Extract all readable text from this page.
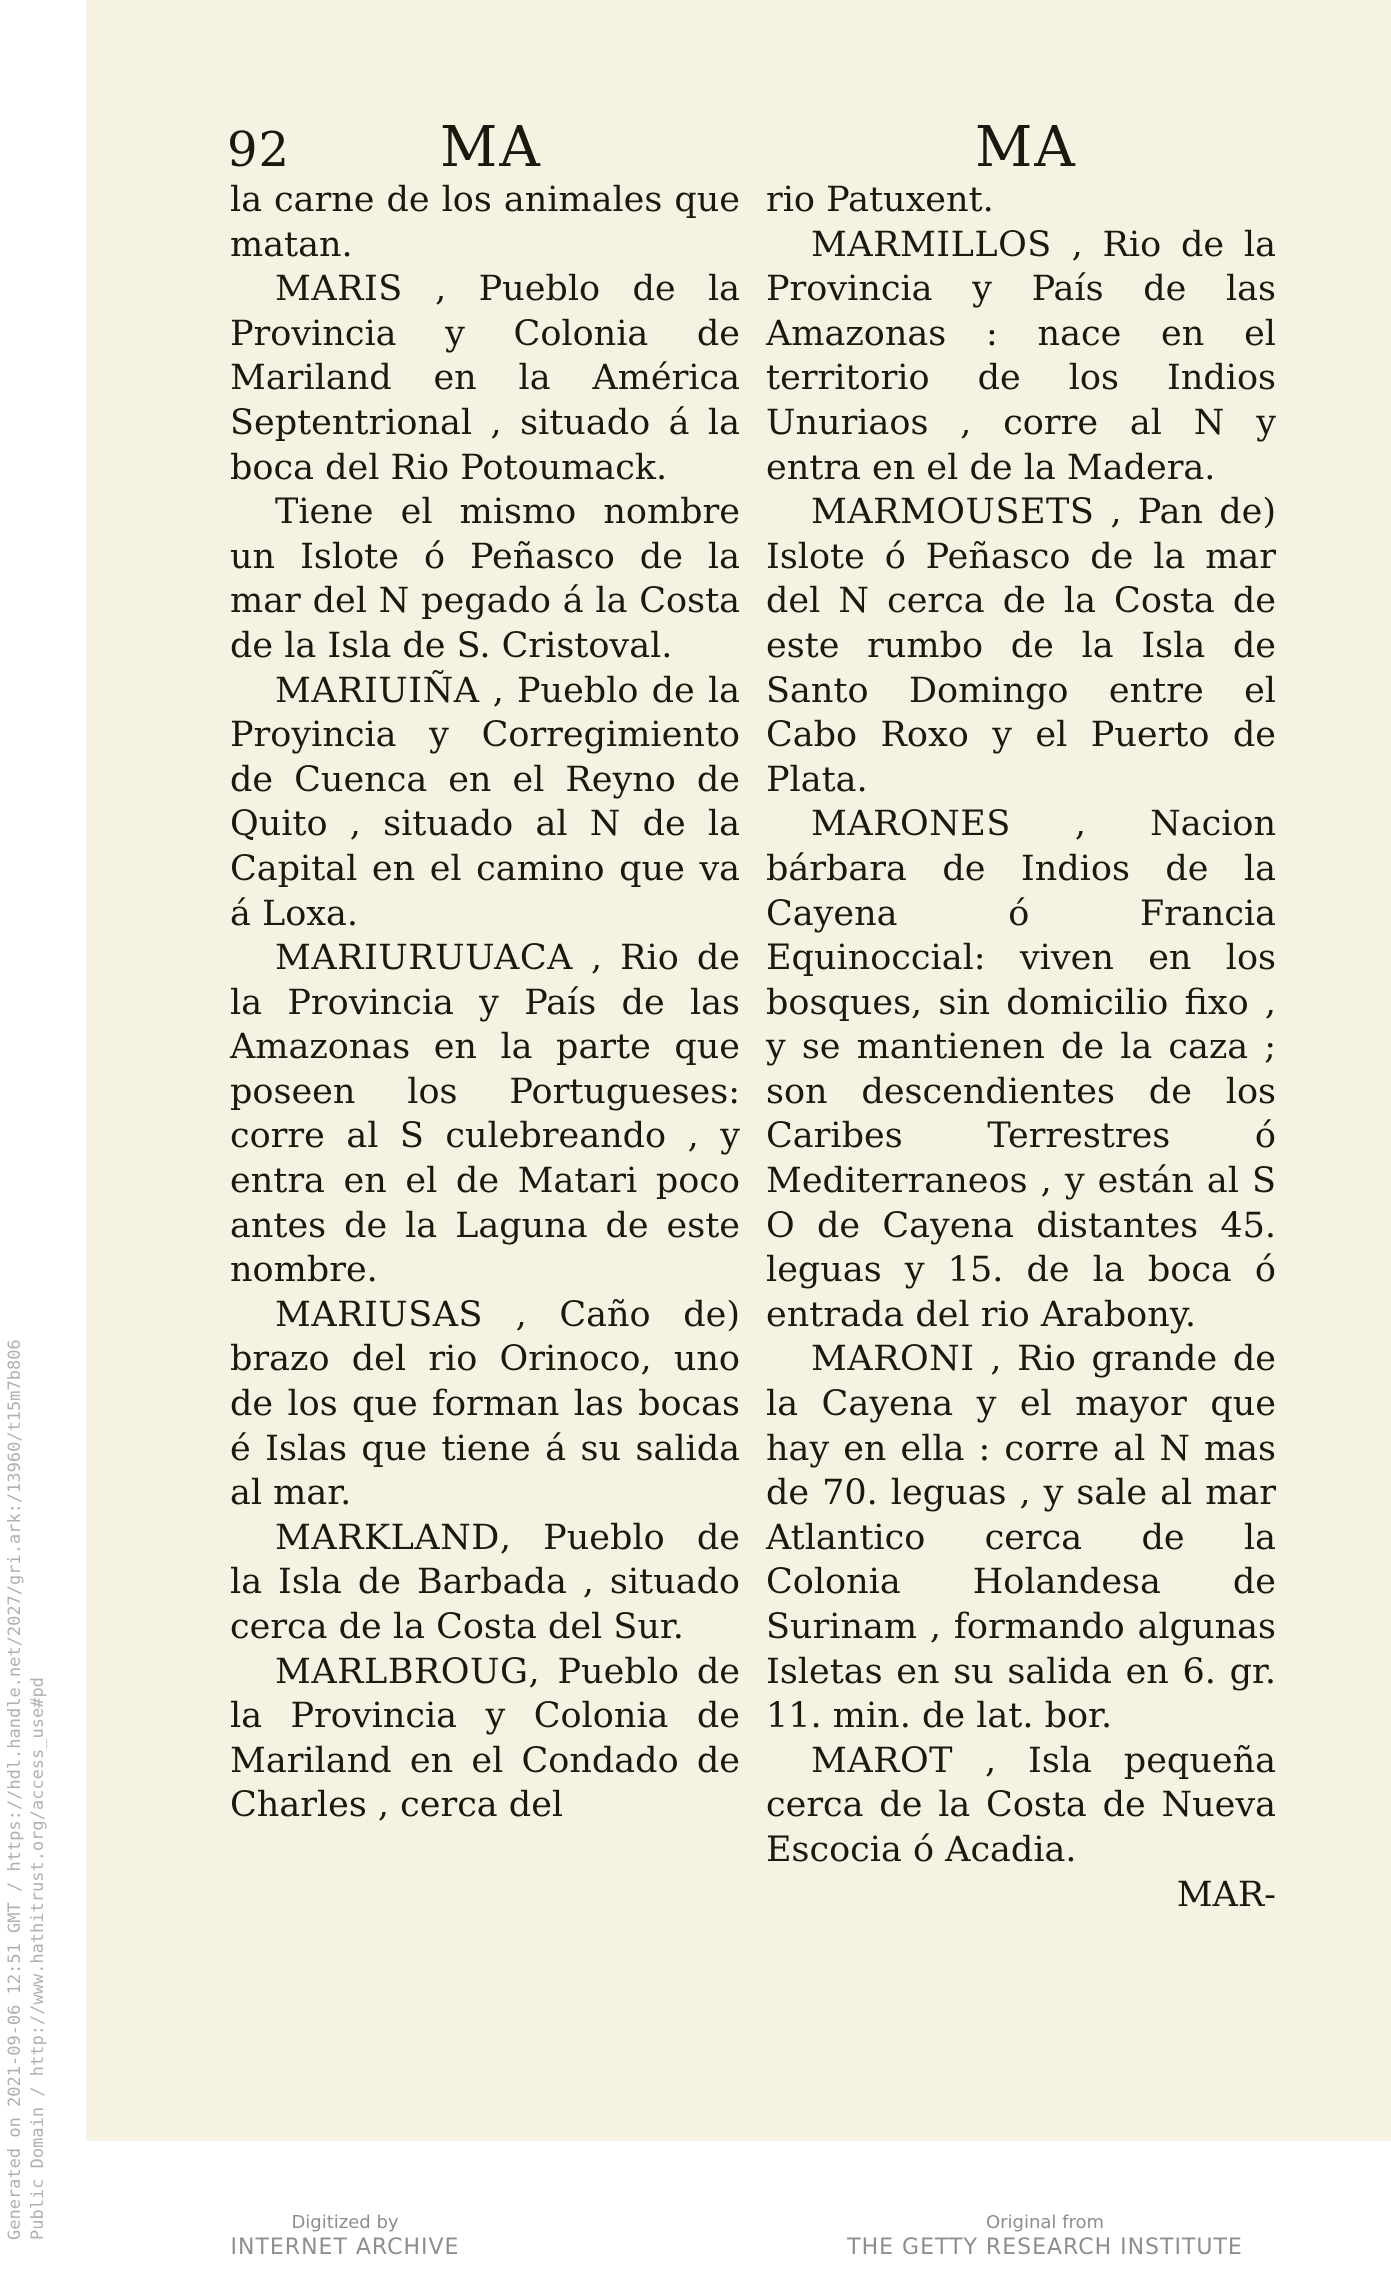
Generated on 2021-09-06 12:51 GMT / https://hdl.handle.net/2027/gri.ark:/13960/t15m7b806 Public Domain / http://www.hathitrust.org/access_use#pd
92	MA	MA

la carne de los animales que matan.

MARIS , Pueblo de la Provincia y Colonia de Mariland en la América Septentrional , situado á la boca del Rio Potoumack.

Tiene el mismo nombre un Islote ó Peñasco de la mar del N pegado á la Costa de la Isla de S. Cristoval.

MARIUIÑA , Pueblo de la Proyincia y Corregimiento de Cuenca en el Reyno de Quito , situado al N de la Capital en el camino que va á Loxa.

MARIURUUACA , Rio de la Provincia y País de las Amazonas en la parte que poseen los Portugueses: corre al S culebreando , y entra en el de Matari poco antes de la Laguna de este nombre.

MARIUSAS , Caño de) brazo del rio Orinoco, uno de los que forman las bocas é Islas que tiene á su salida al mar.

MARKLAND, Pueblo de la Isla de Barbada , situado cerca de la Costa del Sur.

MARLBROUG, Pueblo de la Provincia y Colonia de Mariland en el Condado de Charles , cerca del

rio Patuxent.

MARMILLOS , Rio de la Provincia y País de las Amazonas : nace en el territorio de los Indios Unuriaos , corre al N y entra en el de la Madera.

MARMOUSETS , Pan de) Islote ó Peñasco de la mar del N cerca de la Costa de este rumbo de la Isla de Santo Domingo entre el Cabo Roxo y el Puerto de Plata.

MARONES , Nacion bárbara de Indios de la Cayena ó Francia Equinoccial: viven en los bosques, sin domicilio fixo , y se mantienen de la caza ; son descendientes de los Caribes Terrestres ó Mediterraneos , y están al S O de Cayena distantes 45. leguas y 15. de la boca ó entrada del rio Arabony.

MARONI , Rio grande de la Cayena y el mayor que hay en ella : corre al N mas de 70. leguas , y sale al mar Atlantico cerca de la Colonia Holandesa de Surinam , formando algunas Isletas en su salida en 6. gr. 11. min. de lat. bor.

MAROT , Isla pequeña cerca de la Costa de Nueva Escocia ó Acadia.

MAR-

Digitized by
INTERNET ARCHIVE
Original from
THE GETTY RESEARCH INSTITUTE
